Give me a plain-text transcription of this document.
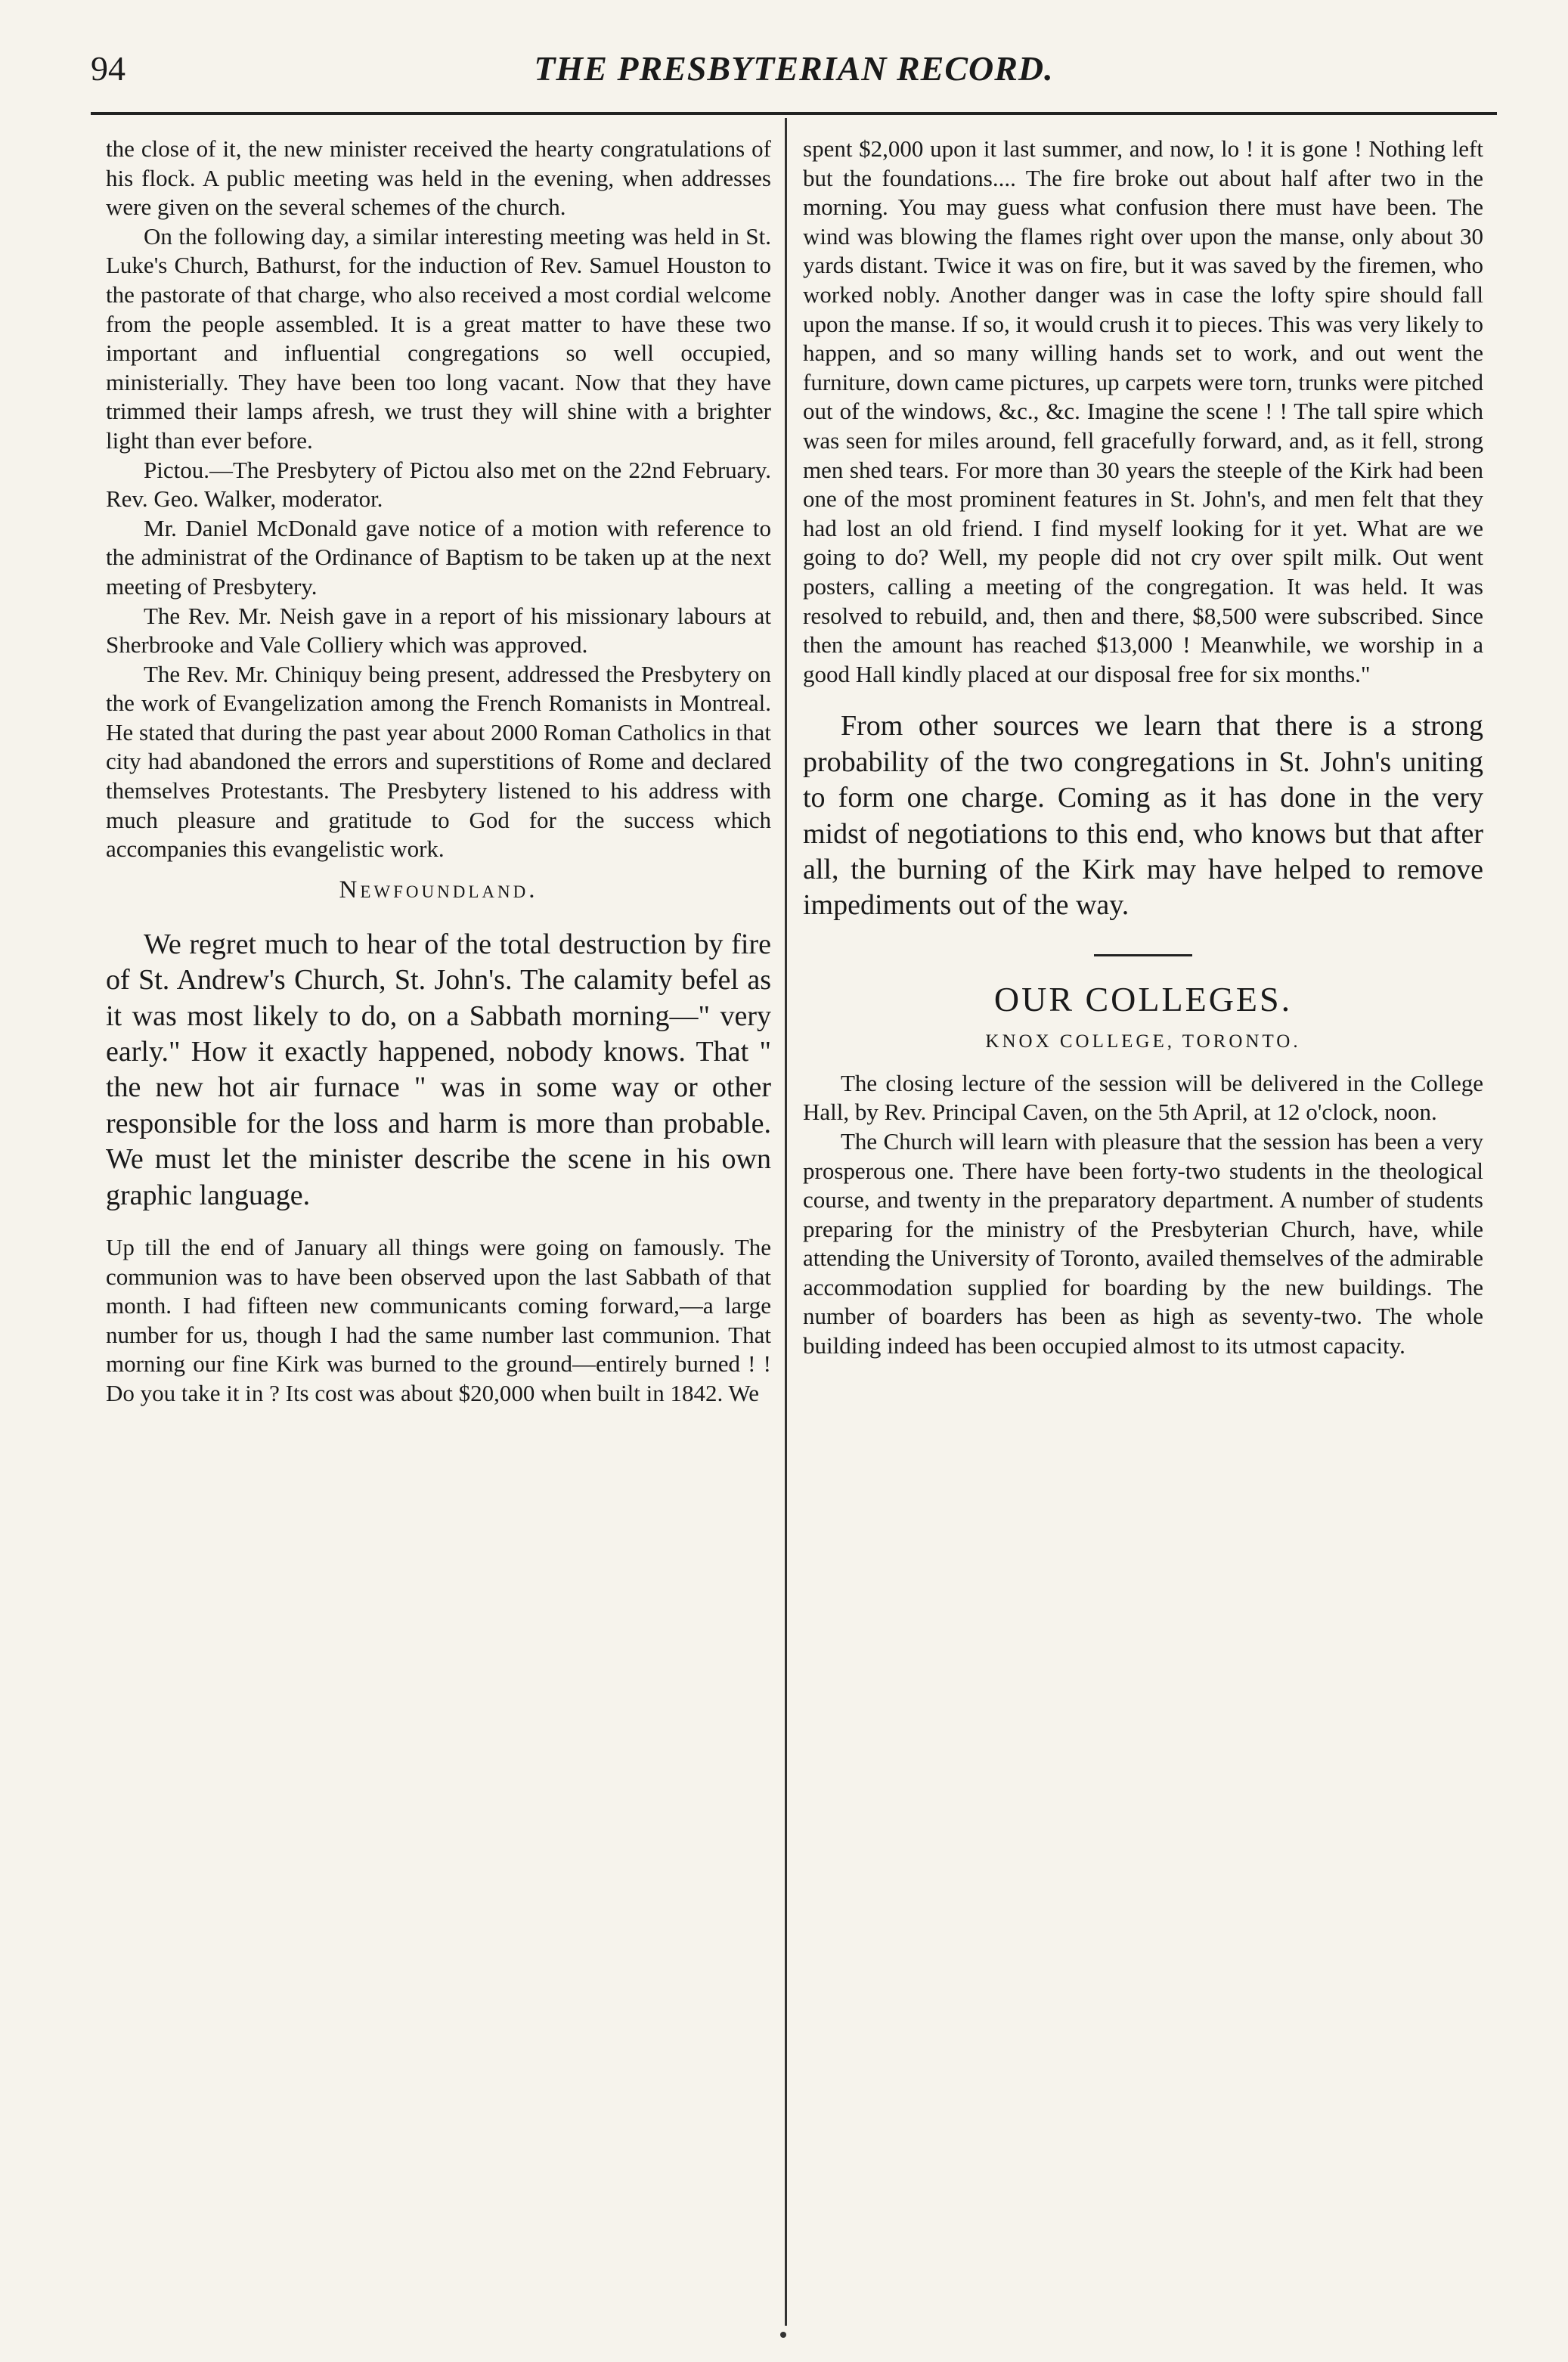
94	THE PRESBYTERIAN RECORD.

the close of it, the new minister received the hearty congratulations of his flock. A public meeting was held in the evening, when addresses were given on the several schemes of the church.

On the following day, a similar interesting meeting was held in St. Luke's Church, Bathurst, for the induction of Rev. Samuel Houston to the pastorate of that charge, who also received a most cordial welcome from the people assembled. It is a great matter to have these two important and influential congregations so well occupied, ministerially. They have been too long vacant. Now that they have trimmed their lamps afresh, we trust they will shine with a brighter light than ever before.

Pictou.—The Presbytery of Pictou also met on the 22nd February. Rev. Geo. Walker, moderator.

Mr. Daniel McDonald gave notice of a motion with reference to the administrat of the Ordinance of Baptism to be taken up at the next meeting of Presbytery.

The Rev. Mr. Neish gave in a report of his missionary labours at Sherbrooke and Vale Colliery which was approved.

The Rev. Mr. Chiniquy being present, addressed the Presbytery on the work of Evangelization among the French Romanists in Montreal. He stated that during the past year about 2000 Roman Catholics in that city had abandoned the errors and superstitions of Rome and declared themselves Protestants. The Presbytery listened to his address with much pleasure and gratitude to God for the success which accompanies this evangelistic work.

Newfoundland.

We regret much to hear of the total destruction by fire of St. Andrew's Church, St. John's. The calamity befel as it was most likely to do, on a Sabbath morning—" very early." How it exactly happened, nobody knows. That " the new hot air furnace " was in some way or other responsible for the loss and harm is more than probable. We must let the minister describe the scene in his own graphic language.

Up till the end of January all things were going on famously. The communion was to have been observed upon the last Sabbath of that month. I had fifteen new communicants coming forward,—a large number for us, though I had the same number last communion. That morning our fine Kirk was burned to the ground—entirely burned ! ! Do you take it in ? Its cost was about $20,000 when built in 1842. We

spent $2,000 upon it last summer, and now, lo ! it is gone ! Nothing left but the foundations.... The fire broke out about half after two in the morning. You may guess what confusion there must have been. The wind was blowing the flames right over upon the manse, only about 30 yards distant. Twice it was on fire, but it was saved by the firemen, who worked nobly. Another danger was in case the lofty spire should fall upon the manse. If so, it would crush it to pieces. This was very likely to happen, and so many willing hands set to work, and out went the furniture, down came pictures, up carpets were torn, trunks were pitched out of the windows, &c., &c. Imagine the scene ! ! The tall spire which was seen for miles around, fell gracefully forward, and, as it fell, strong men shed tears. For more than 30 years the steeple of the Kirk had been one of the most prominent features in St. John's, and men felt that they had lost an old friend. I find myself looking for it yet. What are we going to do? Well, my people did not cry over spilt milk. Out went posters, calling a meeting of the congregation. It was held. It was resolved to rebuild, and, then and there, $8,500 were subscribed. Since then the amount has reached $13,000 ! Meanwhile, we worship in a good Hall kindly placed at our disposal free for six months."

From other sources we learn that there is a strong probability of the two congregations in St. John's uniting to form one charge. Coming as it has done in the very midst of negotiations to this end, who knows but that after all, the burning of the Kirk may have helped to remove impediments out of the way.

OUR COLLEGES.
KNOX COLLEGE, TORONTO.

The closing lecture of the session will be delivered in the College Hall, by Rev. Principal Caven, on the 5th April, at 12 o'clock, noon.

The Church will learn with pleasure that the session has been a very prosperous one. There have been forty-two students in the theological course, and twenty in the preparatory department. A number of students preparing for the ministry of the Presbyterian Church, have, while attending the University of Toronto, availed themselves of the admirable accommodation supplied for boarding by the new buildings. The number of boarders has been as high as seventy-two. The whole building indeed has been occupied almost to its utmost capacity.
